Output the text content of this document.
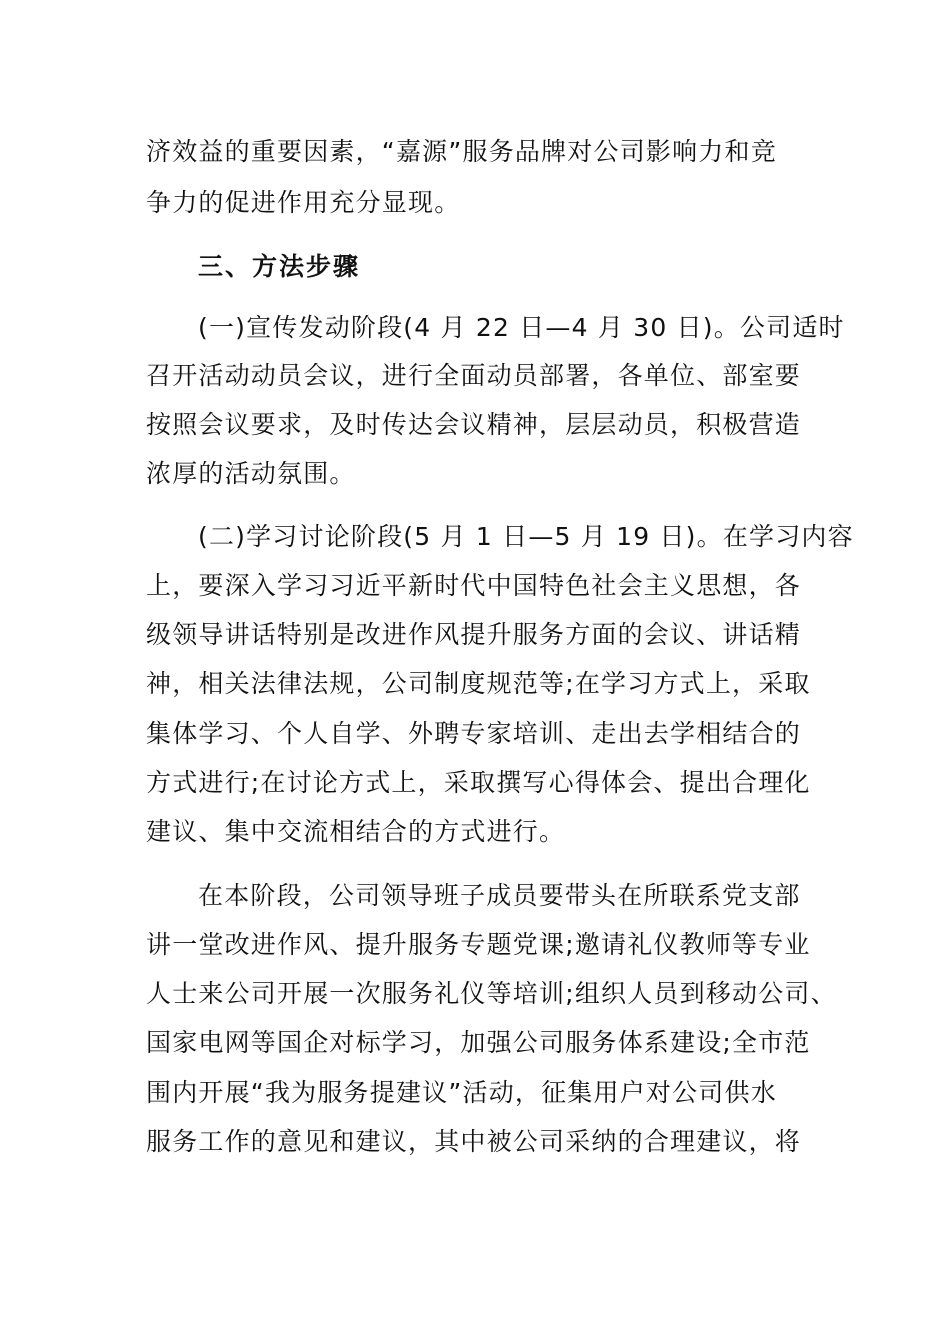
济效益的重要因素，“嘉源”服务品牌对公司影响力和竞
争力的促进作用充分显现。
三、方法步骤
(一)宣传发动阶段(4 月 22 日—4 月 30 日)。公司适时
召开活动动员会议，进行全面动员部署，各单位、部室要
按照会议要求，及时传达会议精神，层层动员，积极营造
浓厚的活动氛围。
(二)学习讨论阶段(5 月 1 日—5 月 19 日)。在学习内容
上，要深入学习习近平新时代中国特色社会主义思想，各
级领导讲话特别是改进作风提升服务方面的会议、讲话精
神，相关法律法规，公司制度规范等;在学习方式上，采取
集体学习、个人自学、外聘专家培训、走出去学相结合的
方式进行;在讨论方式上，采取撰写心得体会、提出合理化
建议、集中交流相结合的方式进行。
在本阶段，公司领导班子成员要带头在所联系党支部
讲一堂改进作风、提升服务专题党课;邀请礼仪教师等专业
人士来公司开展一次服务礼仪等培训;组织人员到移动公司、
国家电网等国企对标学习，加强公司服务体系建设;全市范
围内开展“我为服务提建议”活动，征集用户对公司供水
服务工作的意见和建议，其中被公司采纳的合理建议，将
